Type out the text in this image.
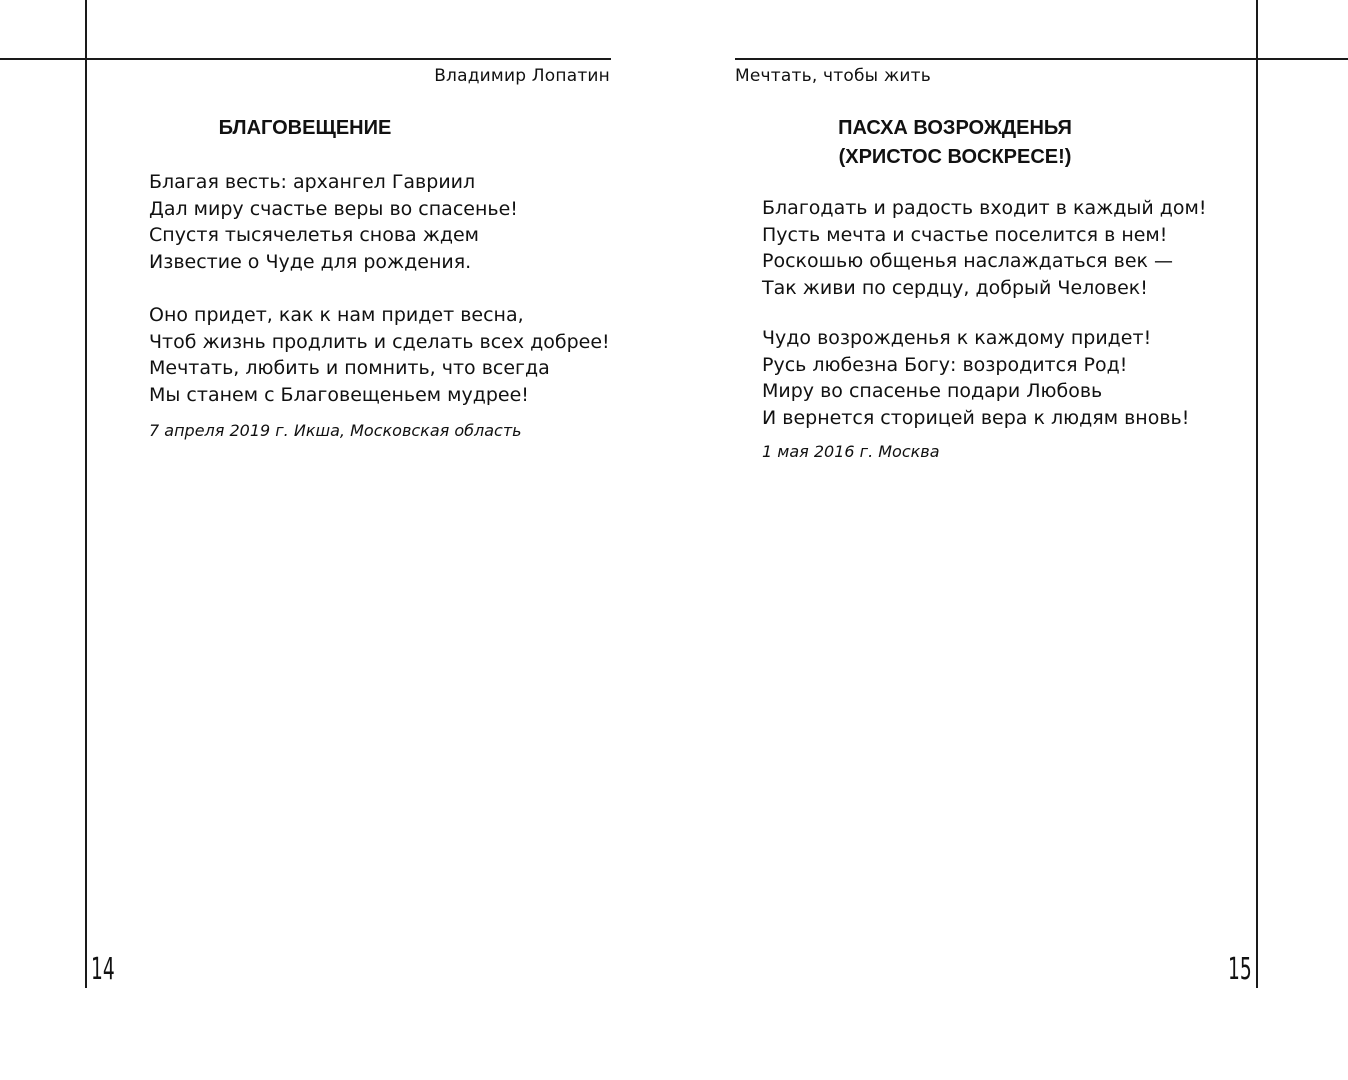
Владимир Лопатин
БЛАГОВЕЩЕНИЕ
Благая весть: архангел Гавриил
Дал миру счастье веры во спасенье!
Спустя тысячелетья снова ждем
Известие о Чуде для рождения.
Оно придет, как к нам придет весна,
Чтоб жизнь продлить и сделать всех добрее!
Мечтать, любить и помнить, что всегда
Мы станем с Благовещеньем мудрее!
7 апреля 2019 г. Икша, Московская область
14
Мечтать, чтобы жить
ПАСХА ВОЗРОЖДЕНЬЯ
(ХРИСТОС ВОСКРЕСЕ!)
Благодать и радость входит в каждый дом!
Пусть мечта и счастье поселится в нем!
Роскошью общенья наслаждаться век —
Так живи по сердцу, добрый Человек!
Чудо возрожденья к каждому придет!
Русь любезна Богу: возродится Род!
Миру во спасенье подари Любовь
И вернется сторицей вера к людям вновь!
1 мая 2016 г. Москва
15
